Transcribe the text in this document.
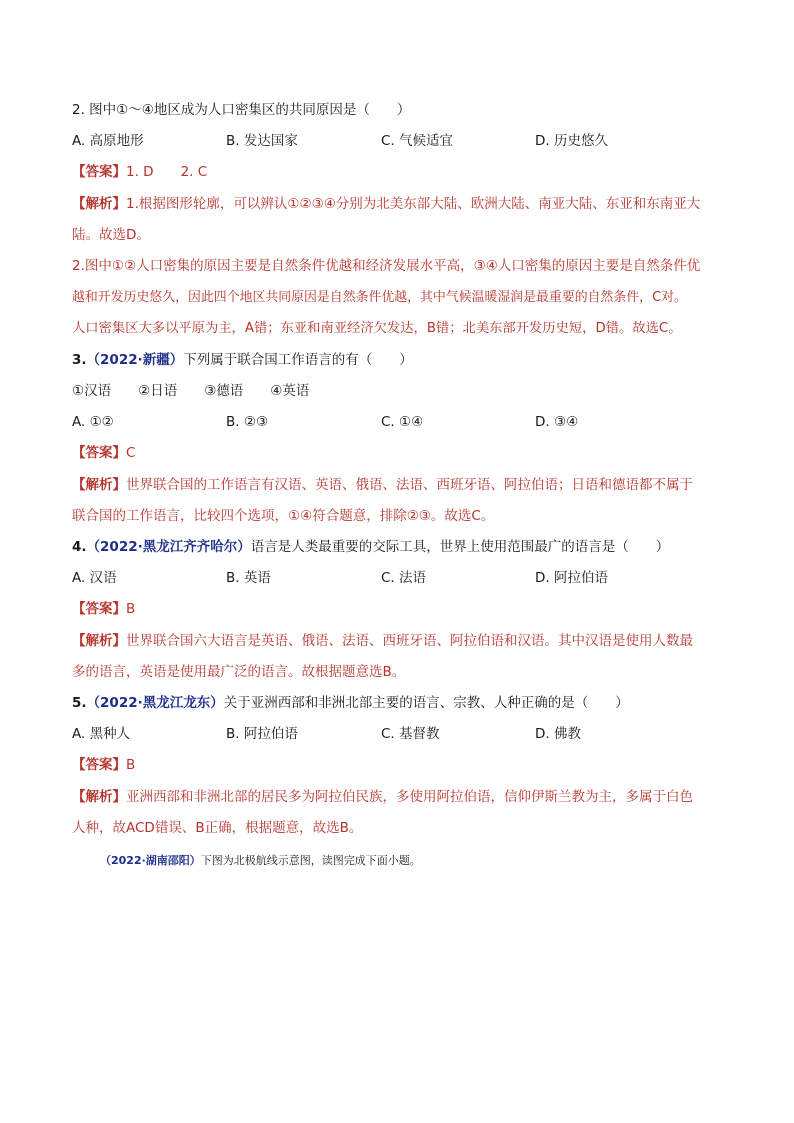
2. 图中①～④地区成为人口密集区的共同原因是（　　）
A. 高原地形	B. 发达国家	C. 气候适宜	D. 历史悠久
【答案】1. D　　2. C
【解析】1.根据图形轮廓，可以辨认①②③④分别为北美东部大陆、欧洲大陆、南亚大陆、东亚和东南亚大
陆。故选D。
2.图中①②人口密集的原因主要是自然条件优越和经济发展水平高，③④人口密集的原因主要是自然条件优
越和开发历史悠久，因此四个地区共同原因是自然条件优越，其中气候温暖湿润是最重要的自然条件，C对。
人口密集区大多以平原为主，A错；东亚和南亚经济欠发达，B错；北美东部开发历史短，D错。故选C。
3.（2022·新疆）下列属于联合国工作语言的有（　　）
①汉语　　②日语　　③德语　　④英语
A. ①②	B. ②③	C. ①④	D. ③④
【答案】C
【解析】世界联合国的工作语言有汉语、英语、俄语、法语、西班牙语、阿拉伯语；日语和德语都不属于
联合国的工作语言，比较四个选项，①④符合题意，排除②③。故选C。
4.（2022·黑龙江齐齐哈尔）语言是人类最重要的交际工具，世界上使用范围最广的语言是（　　）
A. 汉语	B. 英语	C. 法语	D. 阿拉伯语
【答案】B
【解析】世界联合国六大语言是英语、俄语、法语、西班牙语、阿拉伯语和汉语。其中汉语是使用人数最
多的语言，英语是使用最广泛的语言。故根据题意选B。
5.（2022·黑龙江龙东）关于亚洲西部和非洲北部主要的语言、宗教、人种正确的是（　　）
A. 黑种人	B. 阿拉伯语	C. 基督教	D. 佛教
【答案】B
【解析】亚洲西部和非洲北部的居民多为阿拉伯民族，多使用阿拉伯语，信仰伊斯兰教为主，多属于白色
人种，故ACD错误、B正确，根据题意，故选B。
（2022·湖南邵阳）下图为北极航线示意图，读图完成下面小题。
